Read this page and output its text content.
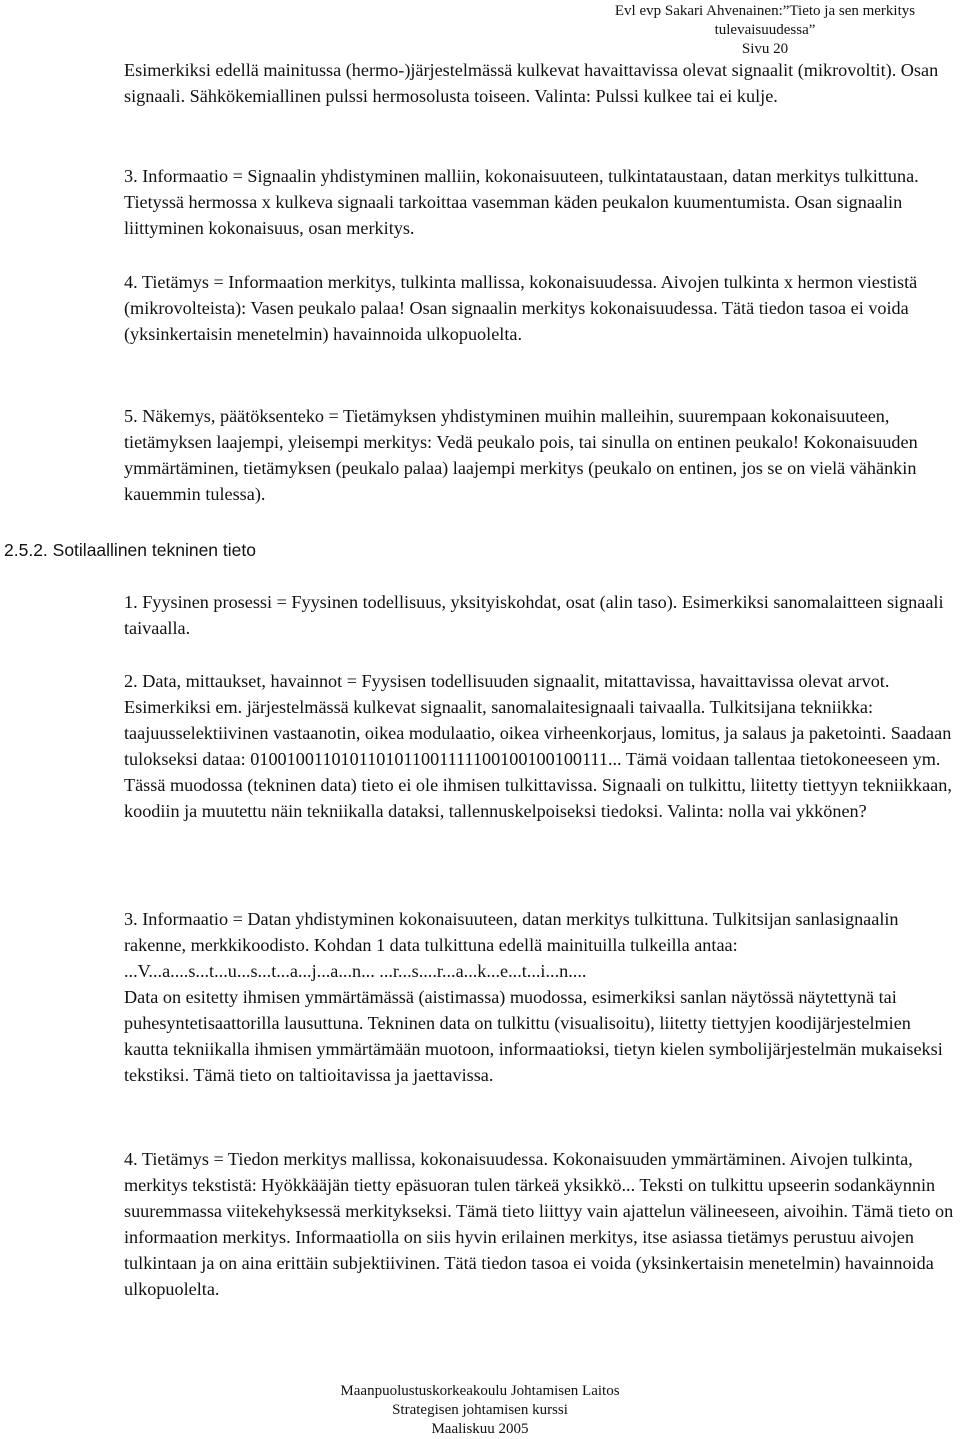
Evl evp Sakari Ahvenainen:”Tieto ja sen merkitys tulevaisuudessa”
Sivu 20

Esimerkiksi edellä mainitussa (hermo-)järjestelmässä kulkevat havaittavissa olevat signaalit (mikrovoltit). Osan signaali. Sähkökemiallinen pulssi hermosolusta toiseen. Valinta: Pulssi kulkee tai ei kulje.

3. Informaatio = Signaalin yhdistyminen malliin, kokonaisuuteen, tulkintataustaan, datan merkitys tulkittuna. Tietyssä hermossa x kulkeva signaali tarkoittaa vasemman käden peukalon kuumentumista. Osan signaalin liittyminen kokonaisuus, osan merkitys.

4. Tietämys = Informaation merkitys, tulkinta mallissa, kokonaisuudessa. Aivojen tulkinta x hermon viestistä (mikrovolteista): Vasen peukalo palaa! Osan signaalin merkitys kokonaisuudessa. Tätä tiedon tasoa ei voida (yksinkertaisin menetelmin) havainnoida ulkopuolelta.

5. Näkemys, päätöksenteko = Tietämyksen yhdistyminen muihin malleihin, suurempaan kokonaisuuteen, tietämyksen laajempi, yleisempi merkitys: Vedä peukalo pois, tai sinulla on entinen peukalo! Kokonaisuuden ymmärtäminen, tietämyksen (peukalo palaa) laajempi merkitys (peukalo on entinen, jos se on vielä vähänkin kauemmin tulessa).

2.5.2. Sotilaallinen tekninen tieto

1. Fyysinen prosessi = Fyysinen todellisuus, yksityiskohdat, osat (alin taso). Esimerkiksi sanomalaitteen signaali taivaalla.

2. Data, mittaukset, havainnot = Fyysisen todellisuuden signaalit, mitattavissa, havaittavissa olevat arvot. Esimerkiksi em. järjestelmässä kulkevat signaalit, sanomalaitesignaali taivaalla. Tulkitsijana tekniikka: taajuusselektiivinen vastaanotin, oikea modulaatio, oikea virheenkorjaus, lomitus, ja salaus ja paketointi. Saadaan tulokseksi dataa: 0100100110101101011001111100100100100111... Tämä voidaan tallentaa tietokoneeseen ym. Tässä muodossa (tekninen data) tieto ei ole ihmisen tulkittavissa. Signaali on tulkittu, liitetty tiettyyn tekniikkaan, koodiin ja muutettu näin tekniikalla dataksi, tallennuskelpoiseksi tiedoksi. Valinta: nolla vai ykkönen?

3. Informaatio = Datan yhdistyminen kokonaisuuteen, datan merkitys tulkittuna. Tulkitsijan sanlasignaalin rakenne, merkkikoodisto. Kohdan 1 data tulkittuna edellä mainituilla tulkeilla antaa: ...V...a....s...t...u...s...t...a...j...a...n... ...r...s....r...a...k...e...t...i...n....

Data on esitetty ihmisen ymmärtämässä (aistimassa) muodossa, esimerkiksi sanlan näytössä näytettynä tai puhesyntetisaattorilla lausuttuna. Tekninen data on tulkittu (visualisoitu), liitetty tiettyjen koodijärjestelmien kautta tekniikalla ihmisen ymmärtämään muotoon, informaatioksi, tietyn kielen symbolijärjestelmän mukaiseksi tekstiksi. Tämä tieto on taltioitavissa ja jaettavissa.

4. Tietämys = Tiedon merkitys mallissa, kokonaisuudessa. Kokonaisuuden ymmärtäminen. Aivojen tulkinta, merkitys tekstistä: Hyökkääjän tietty epäsuoran tulen tärkeä yksikkö... Teksti on tulkittu upseerin sodankäynnin suuremmassa viitekehyksessä merkitykseksi. Tämä tieto liittyy vain ajattelun välineeseen, aivoihin. Tämä tieto on informaation merkitys. Informaatiolla on siis hyvin erilainen merkitys, itse asiassa tietämys perustuu aivojen tulkintaan ja on aina erittäin subjektiivinen. Tätä tiedon tasoa ei voida (yksinkertaisin menetelmin) havainnoida ulkopuolelta.

Maanpuolustuskorkeakoulu Johtamisen Laitos
Strategisen johtamisen kurssi
Maaliskuu 2005
